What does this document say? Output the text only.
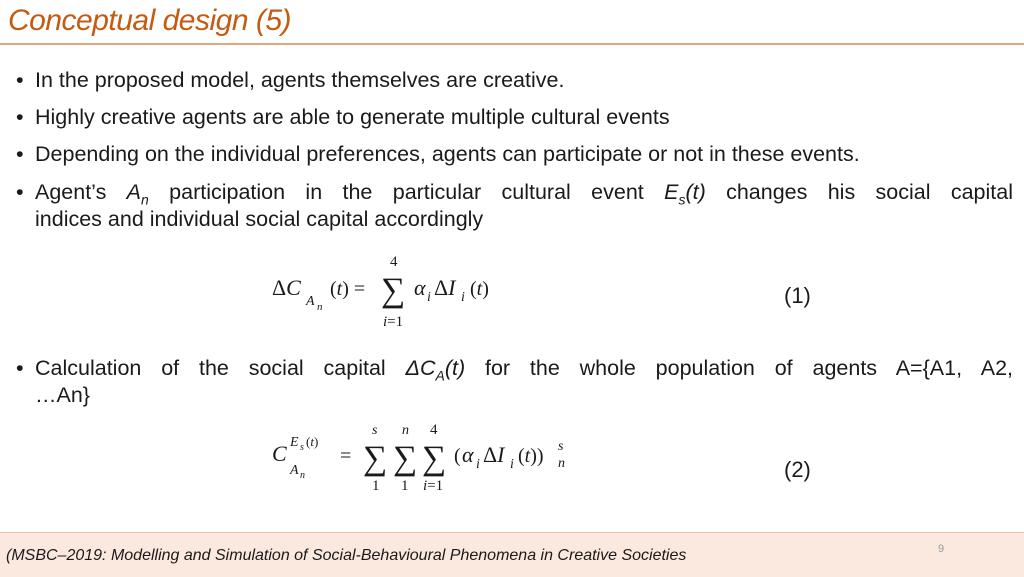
Conceptual design (5)
• In the proposed model, agents themselves are creative.
• Highly creative agents are able to generate multiple cultural events
• Depending on the individual preferences, agents can participate or not in these events.
• Agent’s $A_n$ participation in the particular cultural event $E_s(t)$ changes his social capital
indices and individual social capital accordingly
ΔC
A n
(t) =
4
∑
i=1
α i ΔI i (t)	(1)
• Calculation of the social capital $\Delta C_A(t)$ for the whole population of agents A={A1, A2,
…An}
C E s (t)
A n
=
s
∑
1
n
∑
1
4
∑
i=1
( α i ΔI i (t)) s
n	(2)
(MSBC–2019: Modelling and Simulation of Social-Behavioural Phenomena in Creative Societies	9
